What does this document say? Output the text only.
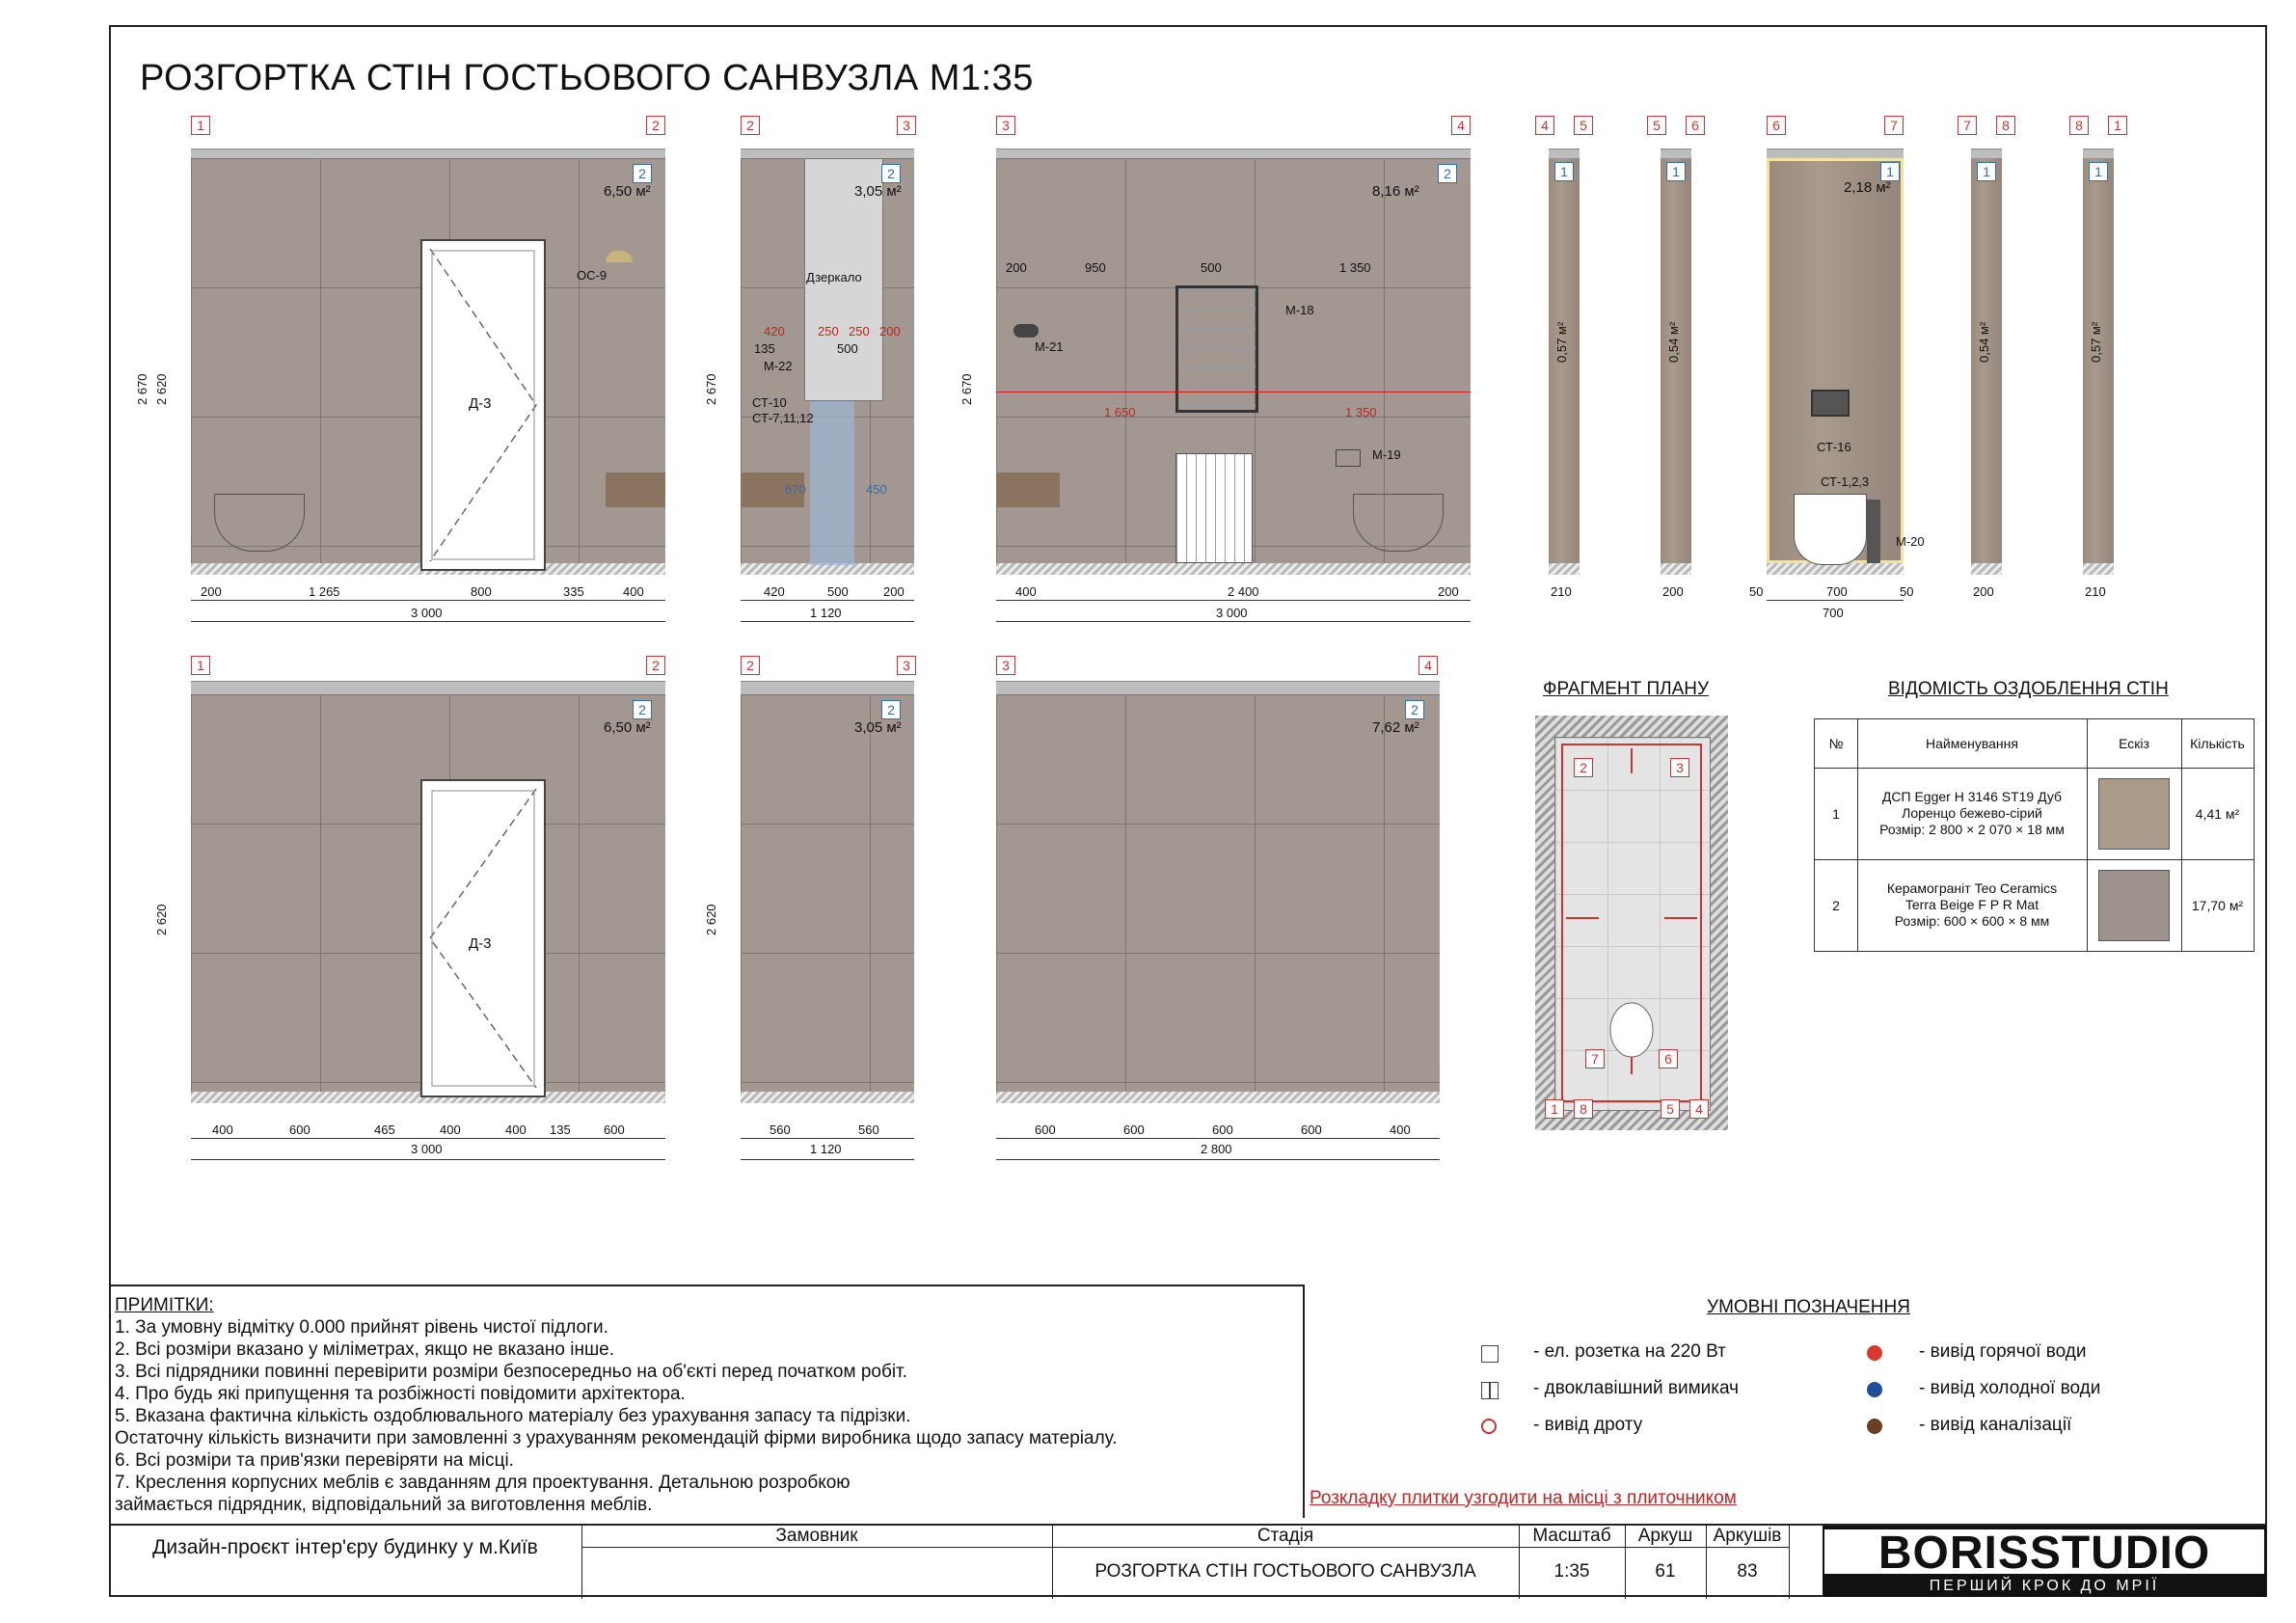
РОЗГОРТКА СТІН ГОСТЬОВОГО САНВУЗЛА М1:35
1	2
2
6,50 м²
Д-3
ОС-9
200	1 265	800	335	400
3 000
2 670 2 620
2	3
Дзеркало
2
3,05 м²
М-22
СТ-10
СТ-7,11,12
420	250 250 200
670	450
135	500
420	500	200
1 120
2 670
3	4
2
8,16 м²
М-18
М-21
М-19
200	950	500	1 350
1 650	1 350
400	2 400	200
3 000
2 670
4	5
1
0,57 м²
210
5	6
1
0,54 м²
200
6	7
1
2,18 м²
СТ-16
СТ-1,2,3
М-20
50	700	50
700
7	8
1
0,54 м²
200
8	1
1
0,57 м²
210
1	2
2
6,50 м²
Д-3
400	600	465	400	400 135	600
3 000
2 620
2	3
2
3,05 м²
560	560
1 120
2 620
3	4
2
7,62 м²
600	600	600	600	400
2 800
ФРАГМЕНТ ПЛАНУ
2	3
7	6
1	8	5	4
ВІДОМІСТЬ ОЗДОБЛЕННЯ СТІН
№	Найменування	Ескіз	Кількість
1
ДСП Egger H 3146 ST19 Дуб
Лоренцо бежево-сірий
Розмір: 2 800 × 2 070 × 18 мм
4,41 м²
2
Керамограніт Teo Ceramics
Terra Beige F P R Mat
Розмір: 600 × 600 × 8 мм
17,70 м²
ПРИМІТКИ:
1. За умовну відмітку 0.000 прийнят рівень чистої підлоги.
2. Всі розміри вказано у міліметрах, якщо не вказано інше.
3. Всі підрядники повинні перевірити розміри безпосередньо на об'єкті перед початком робіт.
4. Про будь які припущення та розбіжності повідомити архітектора.
5. Вказана фактична кількість оздоблювального матеріалу без урахування запасу та підрізки.
Остаточну кількість визначити при замовленні з урахуванням рекомендацій фірми виробника щодо запасу матеріалу.
6. Всі розміри та прив'язки перевіряти на місці.
7. Креслення корпусних меблів є завданням для проектування. Детальною розробкою
займається підрядник, відповідальний за виготовлення меблів.
УМОВНІ ПОЗНАЧЕННЯ
- ел. розетка на 220 Вт
- двоклавішний вимикач
- вивід дроту
- вивід горячої води
- вивід холодної води
- вивід каналізації
Розкладку плитки узгодити на місці з плиточником
Дизайн-проєкт інтер'єру будинку у м.Київ
Замовник	Стадія
РОЗГОРТКА СТІН ГОСТЬОВОГО САНВУЗЛА
Масштаб
1:35
Аркуш
61
Аркушів
83	BORISSTUDIO
ПЕРШИЙ КРОК ДО МРІЇ
